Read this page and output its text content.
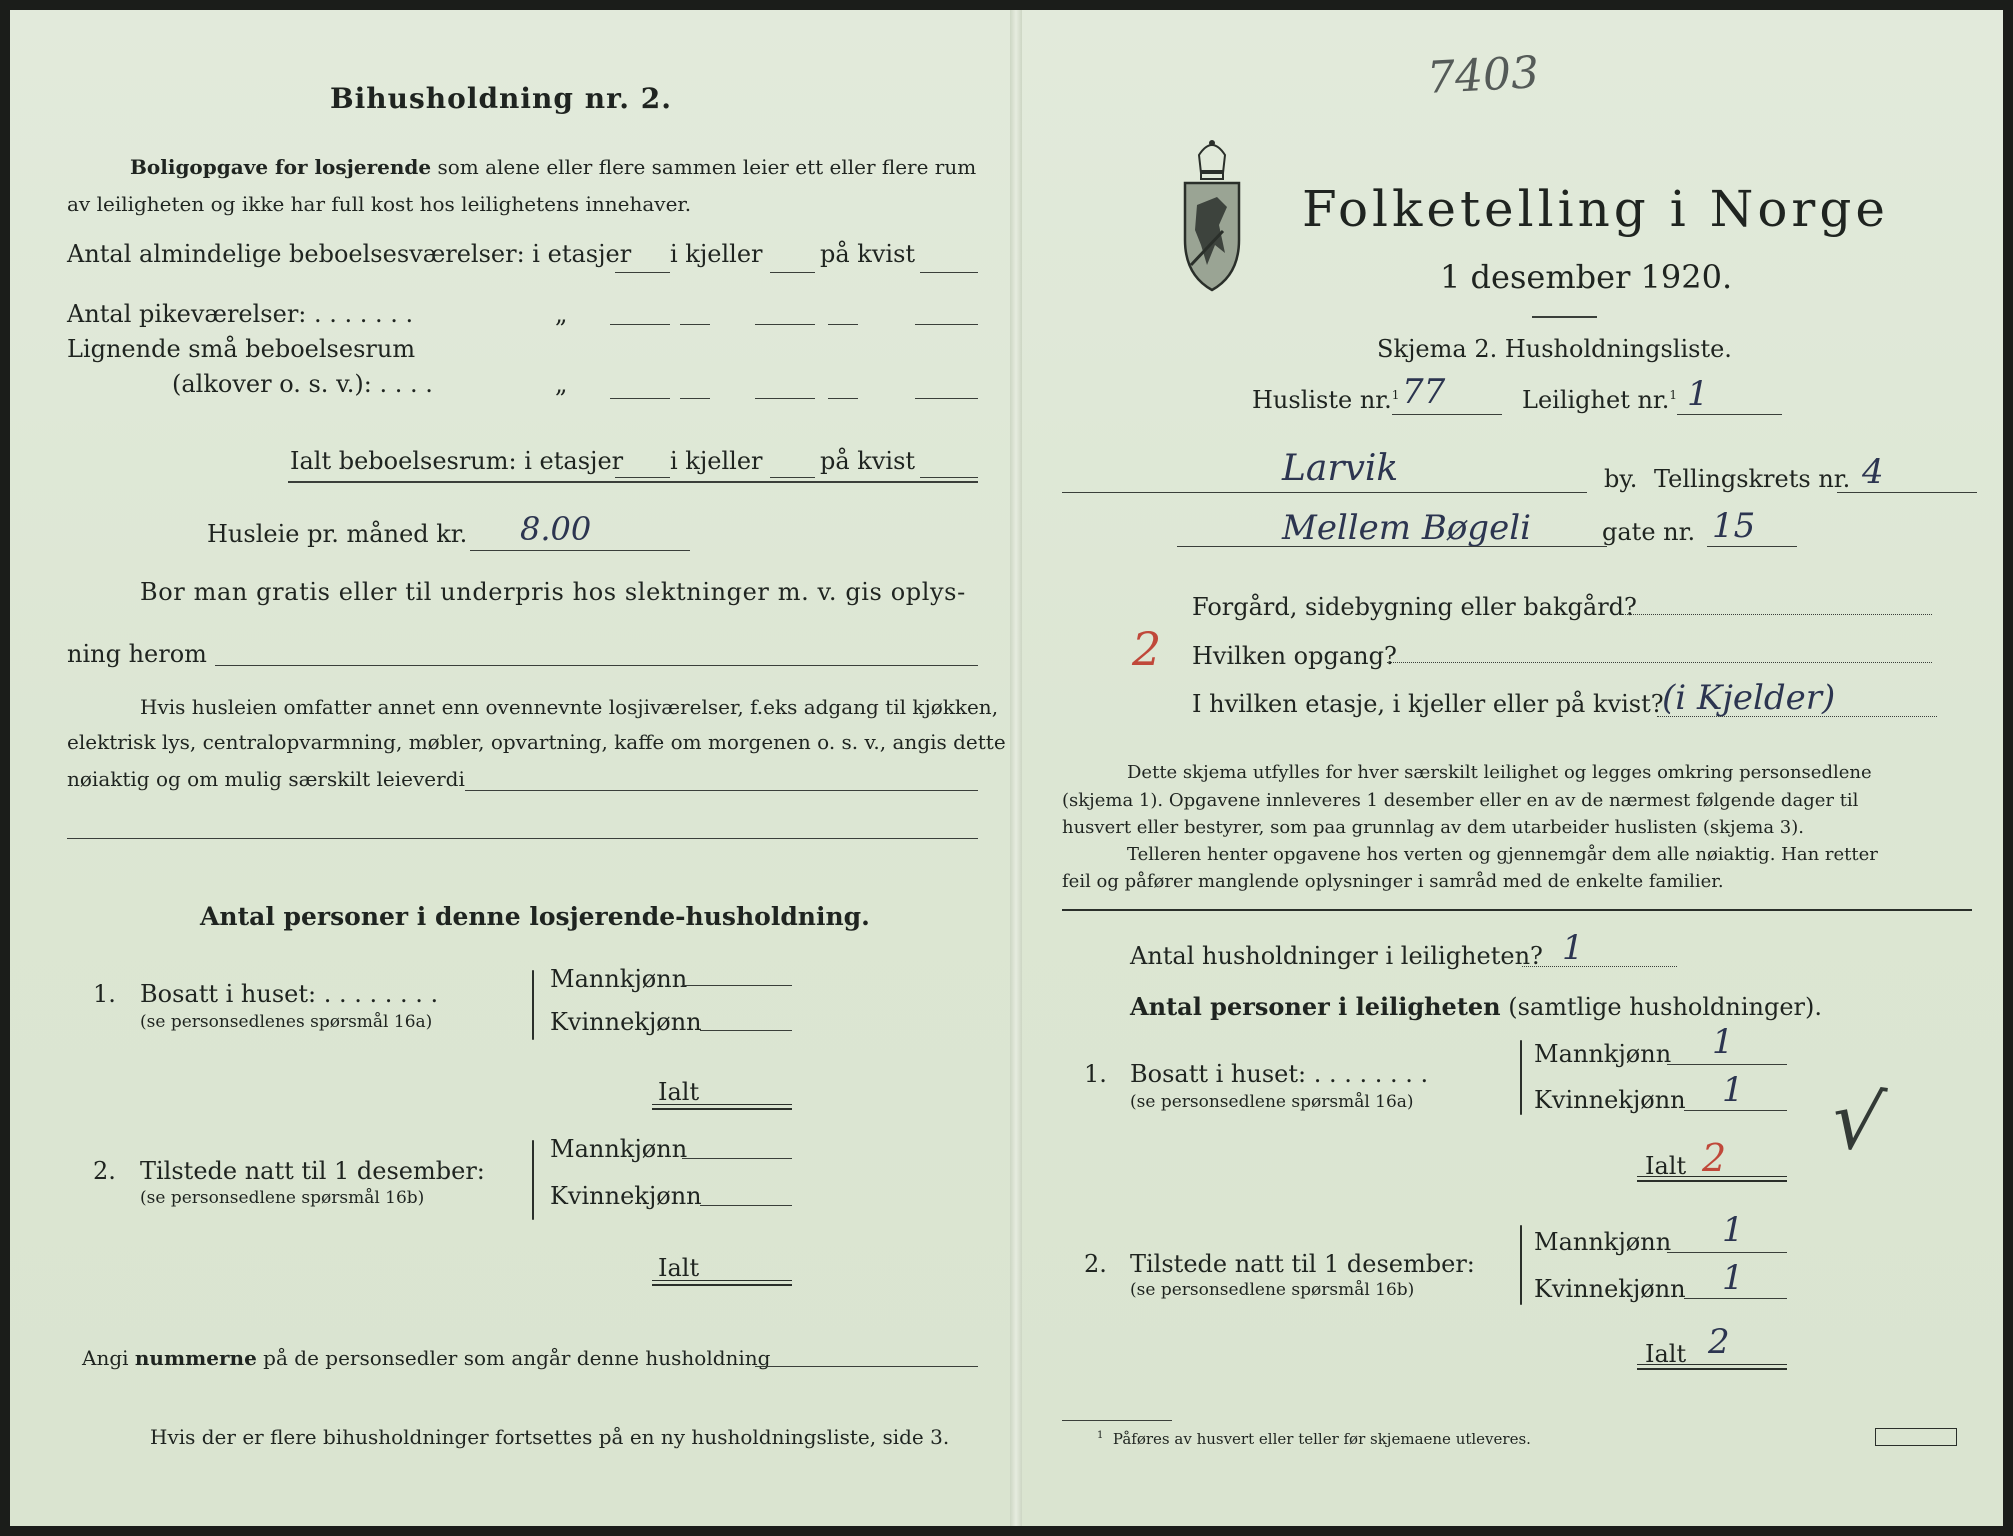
Bihusholdning nr. 2.
Boligopgave for losjerende som alene eller flere sammen leier ett eller flere rum
av leiligheten og ikke har full kost hos leilighetens innehaver.
Antal almindelige beboelsesværelser: i etasjer i kjeller på kvist
Antal pikeværelser: . . . . . . .	„
Lignende små beboelsesrum
(alkover o. s. v.): . . . .	„
Ialt beboelsesrum: i etasjer i kjeller på kvist
Husleie pr. måned kr. 8.00
Bor man gratis eller til underpris hos slektninger m. v. gis oplys-
ning herom
Hvis husleien omfatter annet enn ovennevnte losjiværelser, f.eks adgang til kjøkken,
elektrisk lys, centralopvarmning, møbler, opvartning, kaffe om morgenen o. s. v., angis dette
nøiaktig og om mulig særskilt leieverdi
Antal personer i denne losjerende-husholdning.
1. Bosatt i huset: . . . . . . . .
(se personsedlenes spørsmål 16a)
Mannkjønn
Kvinnekjønn
Ialt
2. Tilstede natt til 1 desember:
(se personsedlene spørsmål 16b)
Mannkjønn
Kvinnekjønn
Ialt
Angi nummerne på de personsedler som angår denne husholdning
Hvis der er flere bihusholdninger fortsettes på en ny husholdningsliste, side 3.
7403
Folketelling i Norge
1 desember 1920.
Skjema 2. Husholdningsliste.
Husliste nr.$^1$ 77	Leilighet nr.$^1$ 1
Larvik	by. Tellingskrets nr. 4
Mellem Bøgeli	gate nr. 15
Forgård, sidebygning eller bakgård?
2 Hvilken opgang?
I hvilken etasje, i kjeller eller på kvist?
(i Kjelder)
Dette skjema utfylles for hver særskilt leilighet og legges omkring personsedlene
(skjema 1). Opgavene innleveres 1 desember eller en av de nærmest følgende dager til
husvert eller bestyrer, som paa grunnlag av dem utarbeider huslisten (skjema 3).
Telleren henter opgavene hos verten og gjennemgår dem alle nøiaktig. Han retter
feil og påfører manglende oplysninger i samråd med de enkelte familier.
Antal husholdninger i leiligheten? 1
Antal personer i leiligheten (samtlige husholdninger).
1. Bosatt i huset: . . . . . . . .
(se personsedlene spørsmål 16a)
Mannkjønn 1
Kvinnekjønn 1
Ialt 2 √
2. Tilstede natt til 1 desember:
(se personsedlene spørsmål 16b)
Mannkjønn 1
Kvinnekjønn 1
Ialt 2
$^1$ Påføres av husvert eller teller før skjemaene utleveres.
